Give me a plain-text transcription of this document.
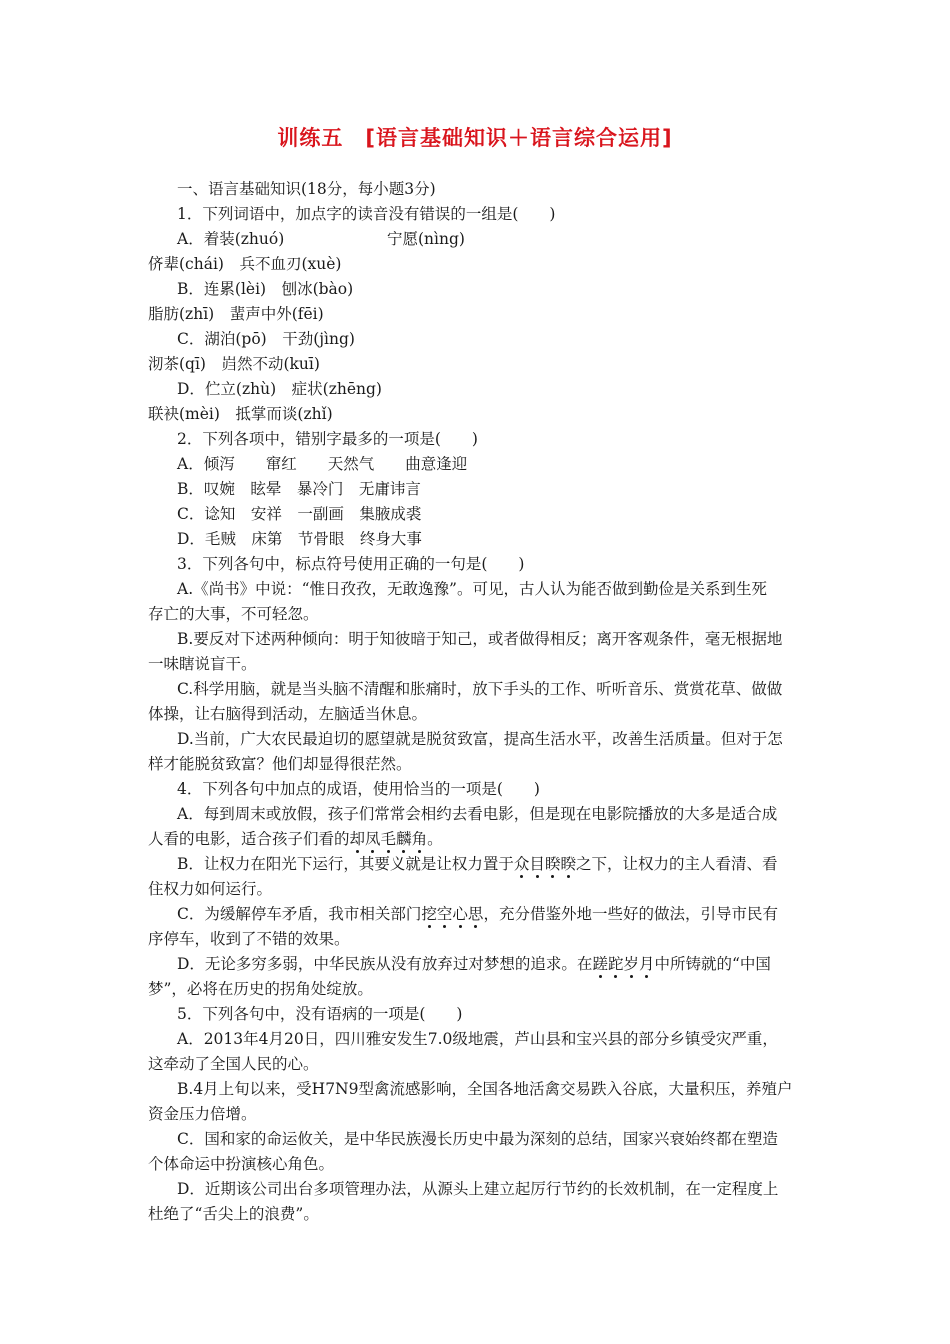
训练五　[语言基础知识＋语言综合运用]
一、语言基础知识(18分，每小题3分)
1．下列词语中，加点字的读音没有错误的一组是(　　)
A．着装(zhuó)	宁愿(nìng)
侪辈(chái)　兵不血刃(xuè)
B．连累(lèi)　刨冰(bào)
脂肪(zhī)　蜚声中外(fēi)
C．湖泊(pō)　干劲(jìng)
沏茶(qī)　岿然不动(kuī)
D．伫立(zhù)　症状(zhēng)
联袂(mèi)　抵掌而谈(zhǐ)
2．下列各项中，错别字最多的一项是(　　)
A．倾泻　　窜红　　天然气　　曲意逢迎
B．叹婉　眩晕　暴冷门　无庸讳言
C．谂知　安祥　一副画　集腋成裘
D．毛贼　床第　节骨眼　终身大事
3．下列各句中，标点符号使用正确的一句是(　　)
A.《尚书》中说：“惟日孜孜，无敢逸豫”。可见，古人认为能否做到勤俭是关系到生死
存亡的大事，不可轻忽。
B.要反对下述两种倾向：明于知彼暗于知己，或者做得相反；离开客观条件，毫无根据地
一味瞎说盲干。
C.科学用脑，就是当头脑不清醒和胀痛时，放下手头的工作、听听音乐、赏赏花草、做做
体操，让右脑得到活动，左脑适当休息。
D.当前，广大农民最迫切的愿望就是脱贫致富，提高生活水平，改善生活质量。但对于怎
样才能脱贫致富？他们却显得很茫然。
4．下列各句中加点的成语，使用恰当的一项是(　　)
A．每到周末或放假，孩子们常常会相约去看电影，但是现在电影院播放的大多是适合成
人看的电影，适合孩子们看的却凤毛麟角。
B．让权力在阳光下运行，其要义就是让权力置于众目睽睽之下，让权力的主人看清、看
住权力如何运行。
C．为缓解停车矛盾，我市相关部门挖空心思，充分借鉴外地一些好的做法，引导市民有
序停车，收到了不错的效果。
D．无论多穷多弱，中华民族从没有放弃过对梦想的追求。在蹉跎岁月中所铸就的“中国
梦”，必将在历史的拐角处绽放。
5．下列各句中，没有语病的一项是(　　)
A．2013年4月20日，四川雅安发生7.0级地震，芦山县和宝兴县的部分乡镇受灾严重，
这牵动了全国人民的心。
B.4月上旬以来，受H7N9型禽流感影响，全国各地活禽交易跌入谷底，大量积压，养殖户
资金压力倍增。
C．国和家的命运攸关，是中华民族漫长历史中最为深刻的总结，国家兴衰始终都在塑造
个体命运中扮演核心角色。
D．近期该公司出台多项管理办法，从源头上建立起厉行节约的长效机制，在一定程度上
杜绝了“舌尖上的浪费”。
